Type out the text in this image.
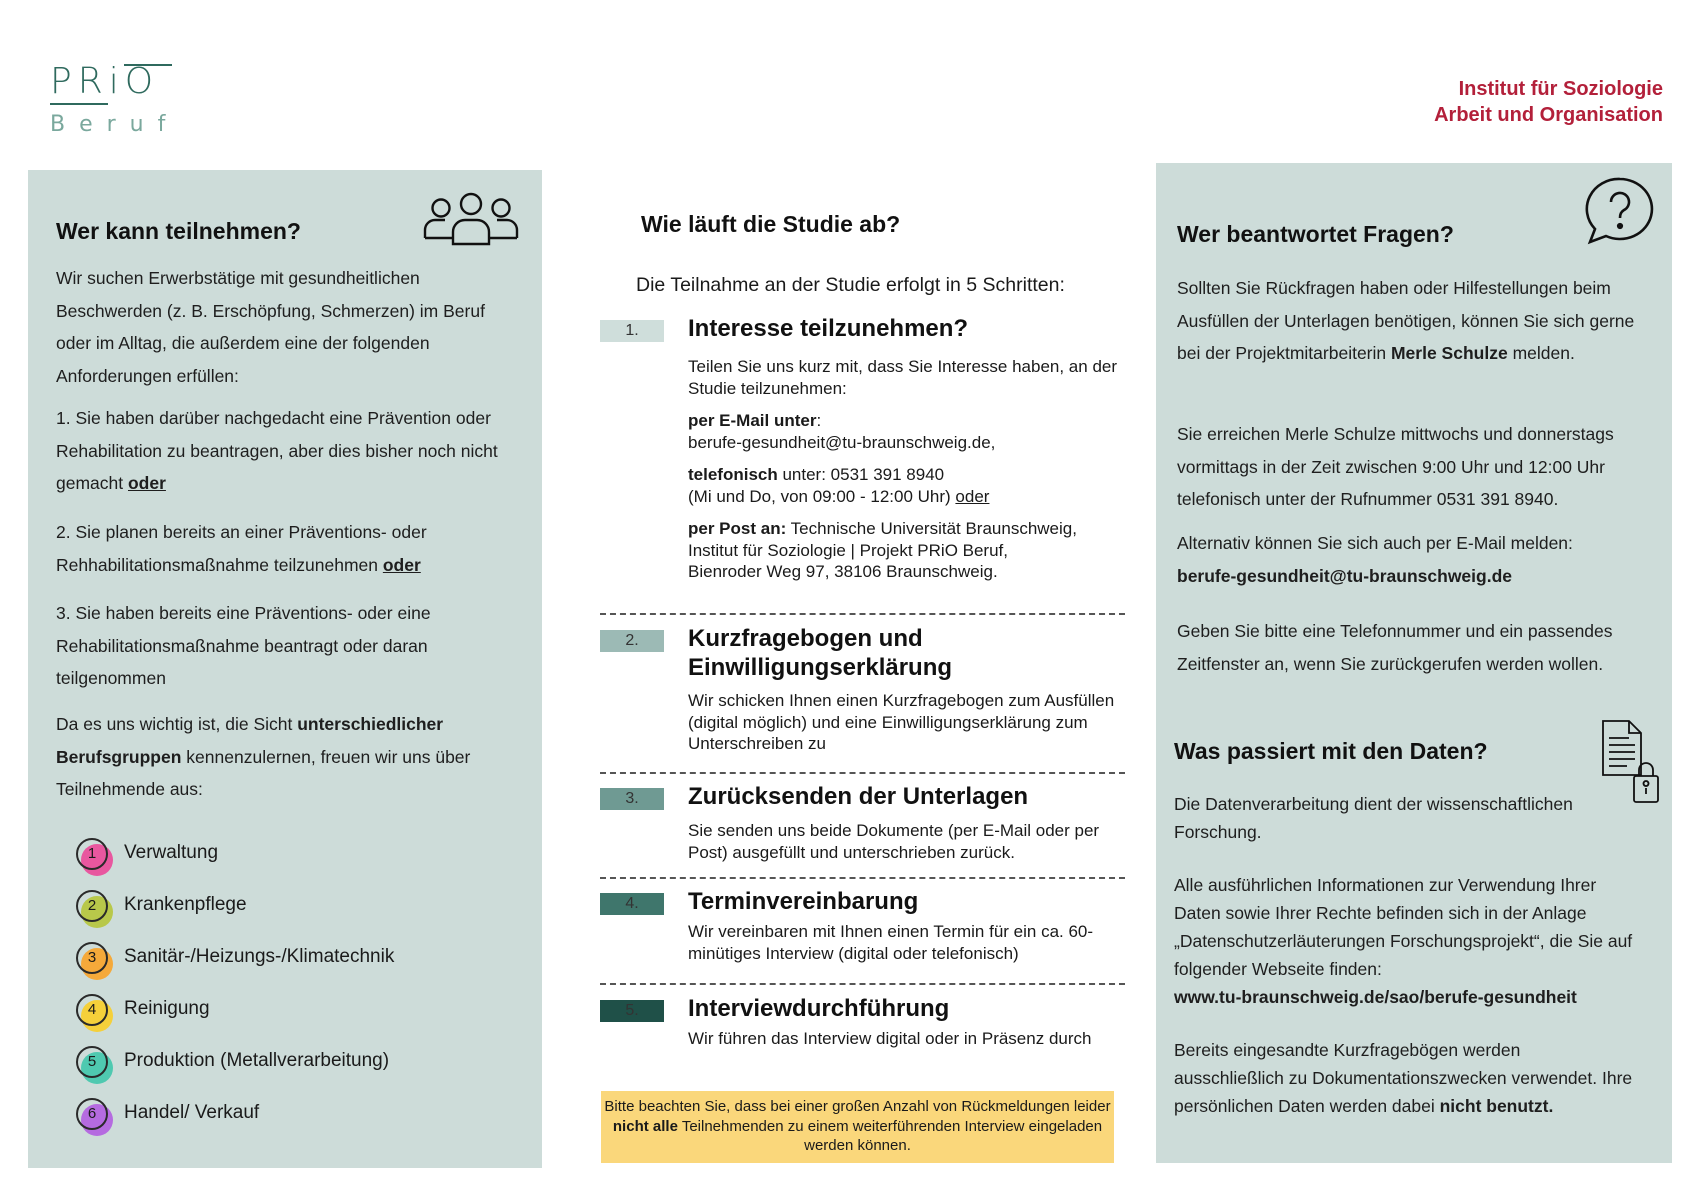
PRiO
Beruf
Institut für Soziologie
Arbeit und Organisation
Wer kann teilnehmen?
Wir suchen Erwerbstätige mit gesundheitlichen Beschwerden (z. B. Erschöpfung, Schmerzen) im Beruf oder im Alltag, die außerdem eine der folgenden Anforderungen erfüllen:
1. Sie haben darüber nachgedacht eine Prävention oder Rehabilitation zu beantragen, aber dies bisher noch nicht gemacht oder
2. Sie planen bereits an einer Präventions- oder Rehhabilitationsmaßnahme teilzunehmen oder
3. Sie haben bereits eine Präventions- oder eine Rehabilitationsmaßnahme beantragt oder daran teilgenommen
Da es uns wichtig ist, die Sicht unterschiedlicher Berufsgruppen kennenzulernen, freuen wir uns über Teilnehmende aus:
1	Verwaltung
2	Krankenpflege
3	Sanitär-/Heizungs-/Klimatechnik
4	Reinigung
5	Produktion (Metallverarbeitung)
6	Handel/ Verkauf
Wie läuft die Studie ab?
Die Teilnahme an der Studie erfolgt in 5 Schritten:
1.	Interesse teilzunehmen?
Teilen Sie uns kurz mit, dass Sie Interesse haben, an der Studie teilzunehmen:
per E-Mail unter:
berufe-gesundheit@tu-braunschweig.de,
telefonisch unter: 0531 391 8940
(Mi und Do, von 09:00 - 12:00 Uhr) oder
per Post an: Technische Universität Braunschweig,
Institut für Soziologie | Projekt PRiO Beruf,
Bienroder Weg 97, 38106 Braunschweig.
2.	Kurzfragebogen und
Einwilligungserklärung
Wir schicken Ihnen einen Kurzfragebogen zum Ausfüllen (digital möglich) und eine Einwilligungserklärung zum Unterschreiben zu
3.	Zurücksenden der Unterlagen
Sie senden uns beide Dokumente (per E-Mail oder per Post) ausgefüllt und unterschrieben zurück.
4.	Terminvereinbarung
Wir vereinbaren mit Ihnen einen Termin für ein ca. 60-minütiges Interview (digital oder telefonisch)
5.	Interviewdurchführung
Wir führen das Interview digital oder in Präsenz durch
Bitte beachten Sie, dass bei einer großen Anzahl von Rückmeldungen leider nicht alle Teilnehmenden zu einem weiterführenden Interview eingeladen werden können.
Wer beantwortet Fragen?
Sollten Sie Rückfragen haben oder Hilfestellungen beim Ausfüllen der Unterlagen benötigen, können Sie sich gerne bei der Projektmitarbeiterin Merle Schulze melden.
Sie erreichen Merle Schulze mittwochs und donnerstags vormittags in der Zeit zwischen 9:00 Uhr und 12:00 Uhr telefonisch unter der Rufnummer 0531 391 8940.
Alternativ können Sie sich auch per E-Mail melden:
berufe-gesundheit@tu-braunschweig.de
Geben Sie bitte eine Telefonnummer und ein passendes Zeitfenster an, wenn Sie zurückgerufen werden wollen.
Was passiert mit den Daten?
Die Datenverarbeitung dient der wissenschaftlichen Forschung.
Alle ausführlichen Informationen zur Verwendung Ihrer Daten sowie Ihrer Rechte befinden sich in der Anlage „Datenschutzerläuterungen Forschungsprojekt“, die Sie auf folgender Webseite finden:
www.tu-braunschweig.de/sao/berufe-gesundheit
Bereits eingesandte Kurzfragebögen werden ausschließlich zu Dokumentationszwecken verwendet. Ihre persönlichen Daten werden dabei nicht benutzt.
